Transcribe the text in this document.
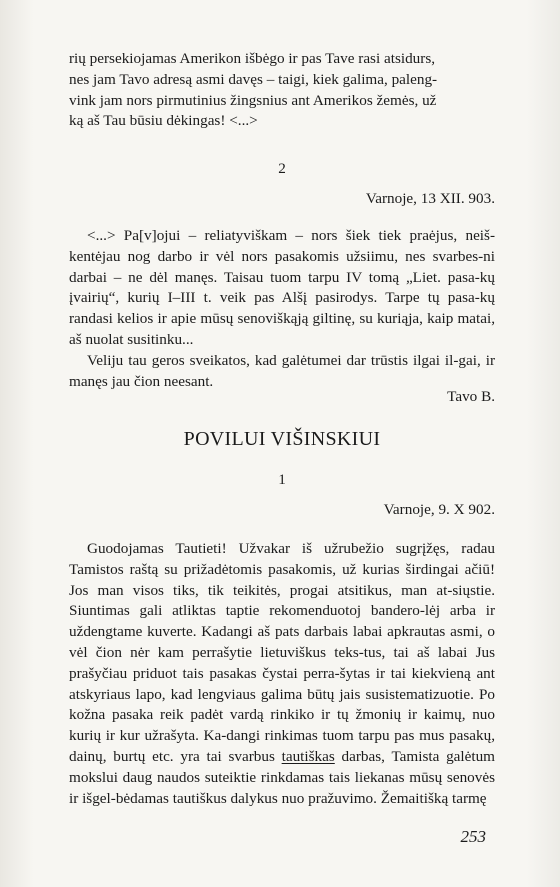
rių persekiojamas Amerikon išbėgo ir pas Tave rasi atsidurs,

nes jam Tavo adresą asmi davęs – taigi, kiek galima, paleng-

vink jam nors pirmutinius žingsnius ant Amerikos žemės, už

ką aš Tau būsiu dėkingas! <...>

2
Varnoje, 13 XII. 903.

<...> Pa[v]ojui – reliatyviškam – nors šiek tiek praėjus, neiš-kentėjau nog darbo ir vėl nors pasakomis užsiimu, nes svarbes-ni darbai – ne dėl manęs. Taisau tuom tarpu IV tomą „Liet. pasa-kų įvairių“, kurių I–III t. veik pas Alšį pasirodys. Tarpe tų pasa-kų randasi kelios ir apie mūsų senoviškąją giltinę, su kuriąja, kaip matai, aš nuolat susitinku...

Veliju tau geros sveikatos, kad galėtumei dar trūstis ilgai il-gai, ir manęs jau čion neesant.

Tavo B.
POVILUI VIŠINSKIUI
1
Varnoje, 9. X 902.

Guodojamas Tautieti! Užvakar iš užrubežio sugrįžęs, radau Tamistos raštą su prižadėtomis pasakomis, už kurias širdingai ačiū! Jos man visos tiks, tik teikitės, progai atsitikus, man at-siųstie. Siuntimas gali atliktas taptie rekomenduotoj bandero-lėj arba ir uždengtame kuverte. Kadangi aš pats darbais labai apkrautas asmi, o vėl čion nėr kam perrašytie lietuviškus teks-tus, tai aš labai Jus prašyčiau priduot tais pasakas čystai perra-šytas ir tai kiekvieną ant atskyriaus lapo, kad lengviaus galima būtų jais susistematizuotie. Po kožna pasaka reik padėt vardą rinkiko ir tų žmonių ir kaimų, nuo kurių ir kur užrašyta. Ka-dangi rinkimas tuom tarpu pas mus pasakų, dainų, burtų etc. yra tai svarbus tautiškas darbas, Tamista galėtum mokslui daug naudos suteiktie rinkdamas tais liekanas mūsų senovės ir išgel-bėdamas tautiškus dalykus nuo pražuvimo. Žemaitišką tarmę

253
